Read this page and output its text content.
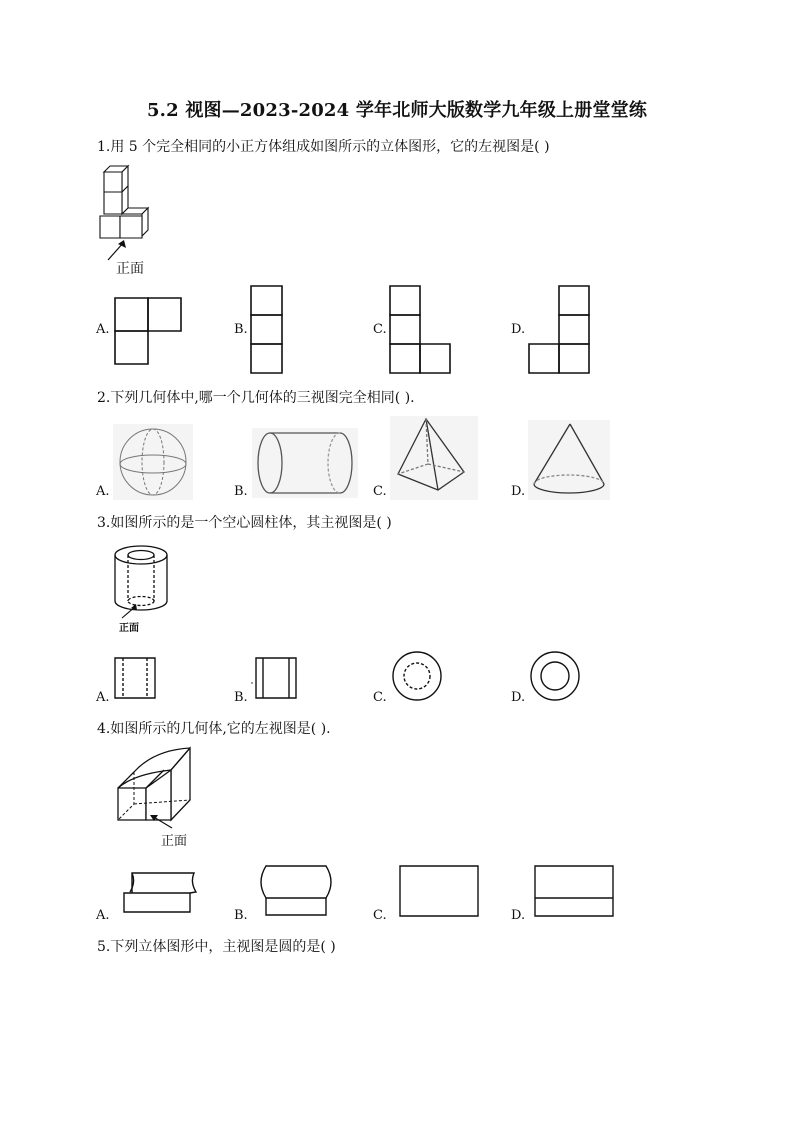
5.2 视图—2023-2024 学年北师大版数学九年级上册堂堂练
1.用 5 个完全相同的小正方体组成如图所示的立体图形，它的左视图是( )
正面
A.	B.	C.	D.
2.下列几何体中,哪一个几何体的三视图完全相同( ).
A.	B.	C.	D.
3.如图所示的是一个空心圆柱体，其主视图是( )
正面
A.	B.	C.	D.
4.如图所示的几何体,它的左视图是( ).
正面
A.	B.	C.	D.
5.下列立体图形中，主视图是圆的是( )
